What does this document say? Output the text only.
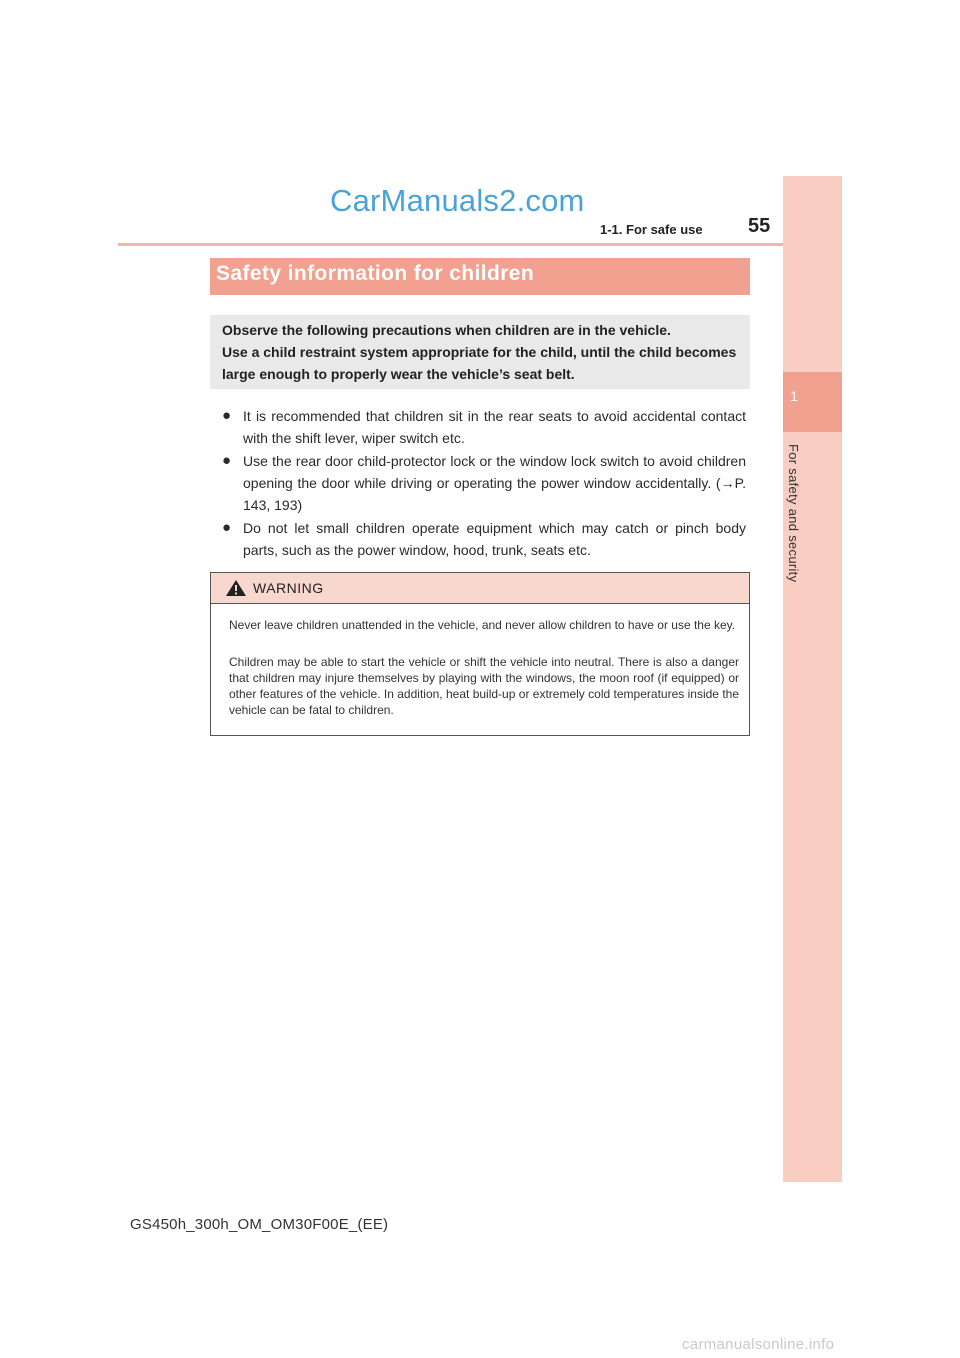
CarManuals2.com
carmanualsonline.info
1-1. For safe use 55
1
For safety and security
Safety information for children
Observe the following precautions when children are in the vehicle.
Use a child restraint system appropriate for the child, until the child becomes
large enough to properly wear the vehicle’s seat belt.
● It is recommended that children sit in the rear seats to avoid accidental contact with the shift lever, wiper switch etc.
● Use the rear door child-protector lock or the window lock switch to avoid children opening the door while driving or operating the power window accidentally. (→P. 143, 193)
● Do not let small children operate equipment which may catch or pinch body parts, such as the power window, hood, trunk, seats etc.
WARNING
Never leave children unattended in the vehicle, and never allow children to have or use the key.
Children may be able to start the vehicle or shift the vehicle into neutral. There is also a danger that children may injure themselves by playing with the windows, the moon roof (if equipped) or other features of the vehicle. In addition, heat build-up or extremely cold temperatures inside the vehicle can be fatal to children.
GS450h_300h_OM_OM30F00E_(EE)
